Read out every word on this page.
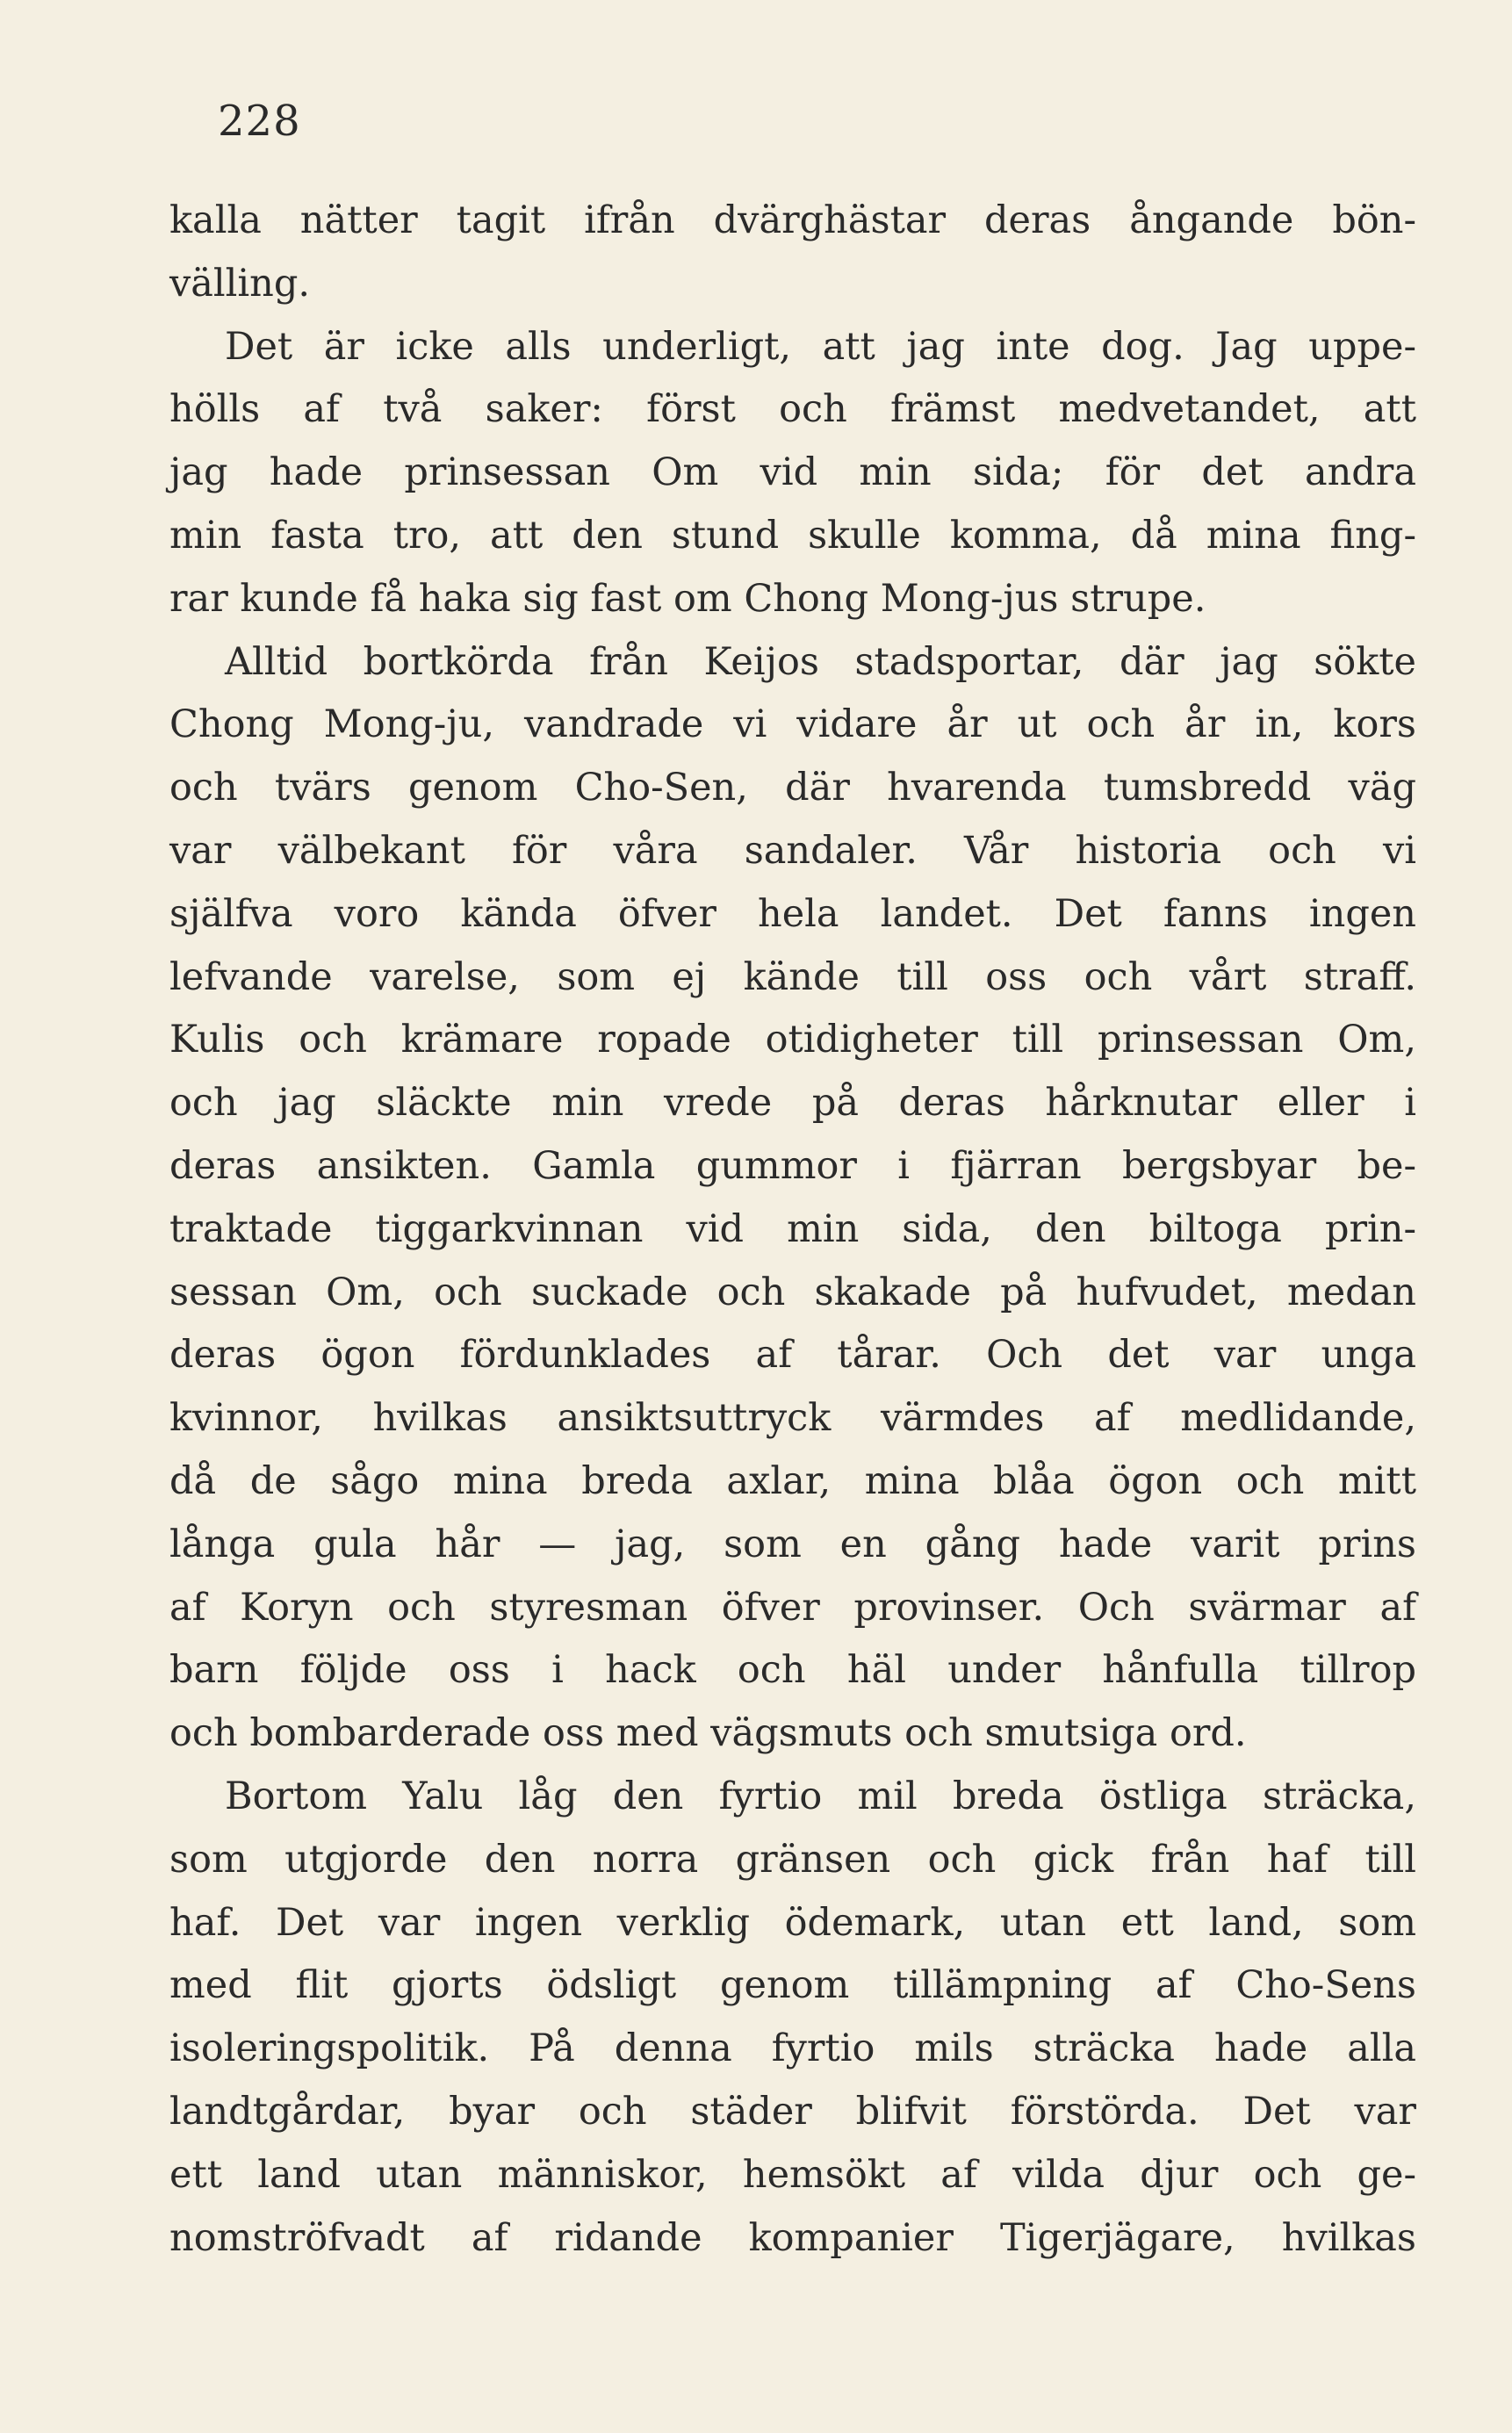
228
kalla nätter tagit ifrån dvärghästar deras ångande bön-
välling.
Det är icke alls underligt, att jag inte dog. Jag uppe-
hölls af två saker: först och främst medvetandet, att
jag hade prinsessan Om vid min sida; för det andra
min fasta tro, att den stund skulle komma, då mina fing-
rar kunde få haka sig fast om Chong Mong-jus strupe.
Alltid bortkörda från Keijos stadsportar, där jag sökte
Chong Mong-ju, vandrade vi vidare år ut och år in, kors
och tvärs genom Cho-Sen, där hvarenda tumsbredd väg
var välbekant för våra sandaler. Vår historia och vi
själfva voro kända öfver hela landet. Det fanns ingen
lefvande varelse, som ej kände till oss och vårt straff.
Kulis och krämare ropade otidigheter till prinsessan Om,
och jag släckte min vrede på deras hårknutar eller i
deras ansikten. Gamla gummor i fjärran bergsbyar be-
traktade tiggarkvinnan vid min sida, den biltoga prin-
sessan Om, och suckade och skakade på hufvudet, medan
deras ögon fördunklades af tårar. Och det var unga
kvinnor, hvilkas ansiktsuttryck värmdes af medlidande,
då de sågo mina breda axlar, mina blåa ögon och mitt
långa gula hår — jag, som en gång hade varit prins
af Koryn och styresman öfver provinser. Och svärmar af
barn följde oss i hack och häl under hånfulla tillrop
och bombarderade oss med vägsmuts och smutsiga ord.
Bortom Yalu låg den fyrtio mil breda östliga sträcka,
som utgjorde den norra gränsen och gick från haf till
haf. Det var ingen verklig ödemark, utan ett land, som
med flit gjorts ödsligt genom tillämpning af Cho-Sens
isoleringspolitik. På denna fyrtio mils sträcka hade alla
landtgårdar, byar och städer blifvit förstörda. Det var
ett land utan människor, hemsökt af vilda djur och ge-
nomströfvadt af ridande kompanier Tigerjägare, hvilkas
